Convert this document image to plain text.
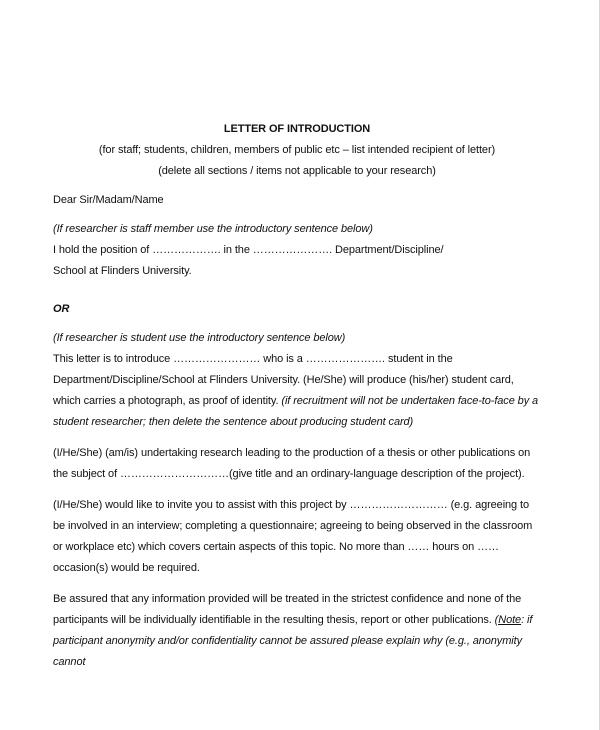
LETTER OF INTRODUCTION

(for staff; students, children, members of public etc – list intended recipient of letter)

(delete all sections / items not applicable to your research)

Dear Sir/Madam/Name

(If researcher is staff member use the introductory sentence below)

I hold the position of ………………. in the …………………. Department/Discipline/

School at Flinders University.

OR

(If researcher is student use the introductory sentence below)

This letter is to introduce …………………… who is a …………………. student in the Department/Discipline/School at Flinders University. (He/She) will produce (his/her) student card, which carries a photograph, as proof of identity. (if recruitment will not be undertaken face-to-face by a student researcher; then delete the sentence about producing student card)

(I/He/She) (am/is) undertaking research leading to the production of a thesis or other publications on the subject of …………………………(give title and an ordinary-language description of the project).

(I/He/She) would like to invite you to assist with this project by ……………………… (e.g. agreeing to be involved in an interview; completing a questionnaire; agreeing to being observed in the classroom or workplace etc) which covers certain aspects of this topic. No more than …… hours on …… occasion(s) would be required.

Be assured that any information provided will be treated in the strictest confidence and none of the participants will be individually identifiable in the resulting thesis, report or other publications. (Note: if participant anonymity and/or confidentiality cannot be assured please explain why (e.g., anonymity cannot
